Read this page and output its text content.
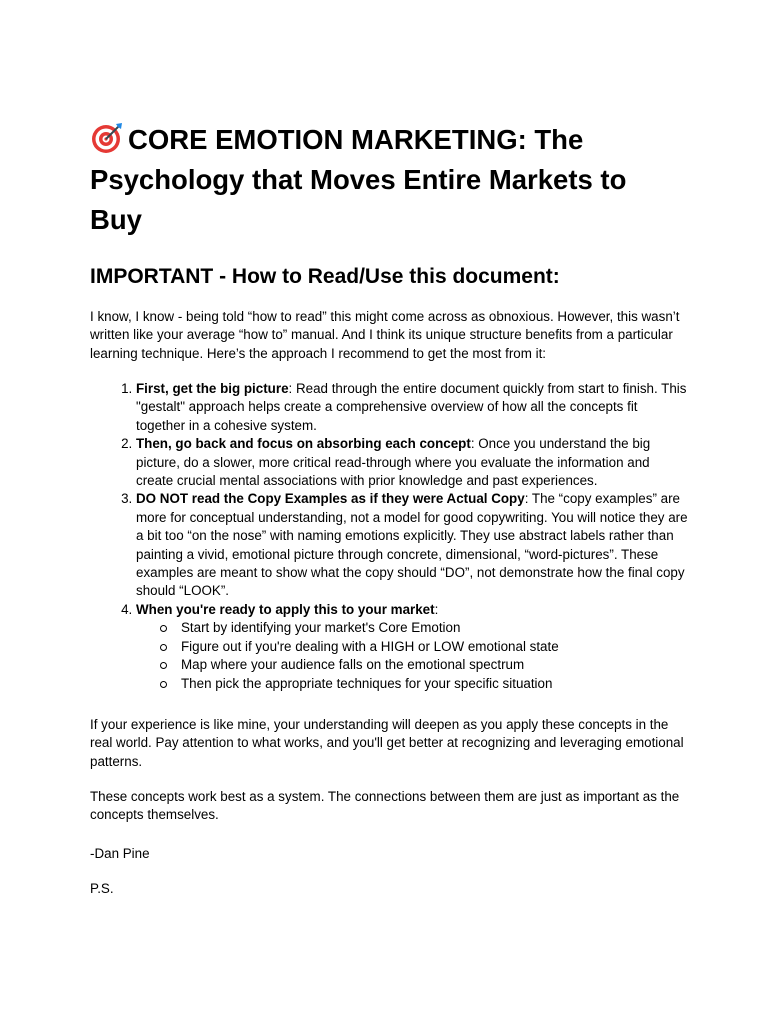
CORE EMOTION MARKETING: The Psychology that Moves Entire Markets to Buy
IMPORTANT - How to Read/Use this document:

I know, I know - being told “how to read” this might come across as obnoxious. However, this wasn’t written like your average “how to” manual. And I think its unique structure benefits from a particular learning technique. Here’s the approach I recommend to get the most from it:

1. First, get the big picture: Read through the entire document quickly from start to finish. This "gestalt" approach helps create a comprehensive overview of how all the concepts fit together in a cohesive system.
2. Then, go back and focus on absorbing each concept: Once you understand the big picture, do a slower, more critical read-through where you evaluate the information and create crucial mental associations with prior knowledge and past experiences.
3. DO NOT read the Copy Examples as if they were Actual Copy: The “copy examples” are more for conceptual understanding, not a model for good copywriting. You will notice they are a bit too “on the nose” with naming emotions explicitly. They use abstract labels rather than painting a vivid, emotional picture through concrete, dimensional, “word-pictures”. These examples are meant to show what the copy should “DO”, not demonstrate how the final copy should “LOOK”.
4. When you're ready to apply this to your market:
Start by identifying your market's Core Emotion
Figure out if you're dealing with a HIGH or LOW emotional state
Map where your audience falls on the emotional spectrum
Then pick the appropriate techniques for your specific situation

If your experience is like mine, your understanding will deepen as you apply these concepts in the real world. Pay attention to what works, and you'll get better at recognizing and leveraging emotional patterns.

These concepts work best as a system. The connections between them are just as important as the concepts themselves.

-Dan Pine

P.S.
